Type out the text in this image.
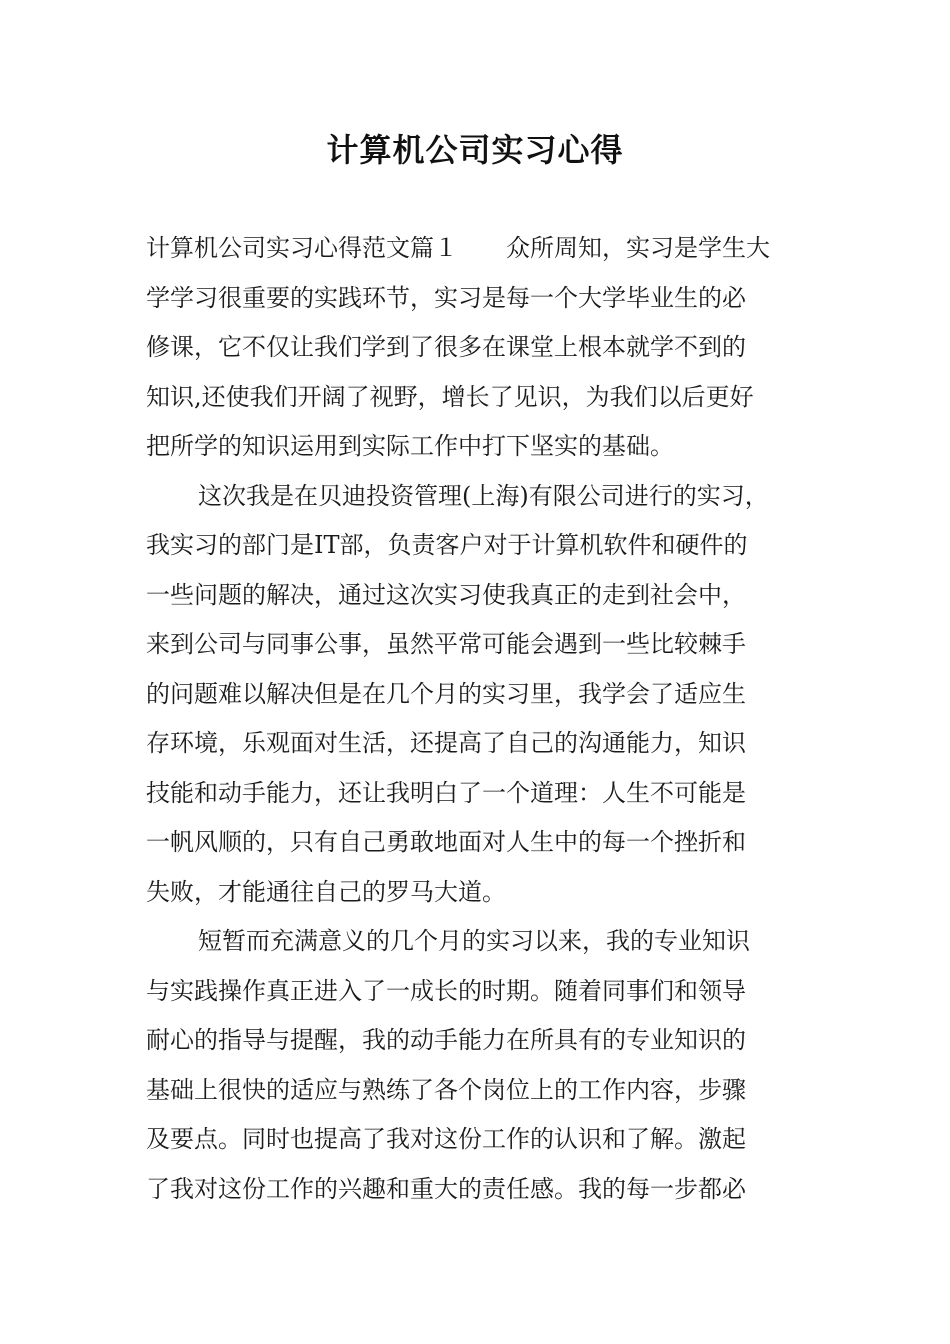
计算机公司实习心得
计算机公司实习心得范文篇１　　众所周知，实习是学生大
学学习很重要的实践环节，实习是每一个大学毕业生的必
修课，它不仅让我们学到了很多在课堂上根本就学不到的
知识,还使我们开阔了视野，增长了见识，为我们以后更好
把所学的知识运用到实际工作中打下坚实的基础。
这次我是在贝迪投资管理(上海)有限公司进行的实习，
我实习的部门是IT部，负责客户对于计算机软件和硬件的
一些问题的解决，通过这次实习使我真正的走到社会中，
来到公司与同事公事，虽然平常可能会遇到一些比较棘手
的问题难以解决但是在几个月的实习里，我学会了适应生
存环境，乐观面对生活，还提高了自己的沟通能力，知识
技能和动手能力，还让我明白了一个道理：人生不可能是
一帆风顺的，只有自己勇敢地面对人生中的每一个挫折和
失败，才能通往自己的罗马大道。
短暂而充满意义的几个月的实习以来，我的专业知识
与实践操作真正进入了一成长的时期。随着同事们和领导
耐心的指导与提醒，我的动手能力在所具有的专业知识的
基础上很快的适应与熟练了各个岗位上的工作内容，步骤
及要点。同时也提高了我对这份工作的认识和了解。激起
了我对这份工作的兴趣和重大的责任感。我的每一步都必
